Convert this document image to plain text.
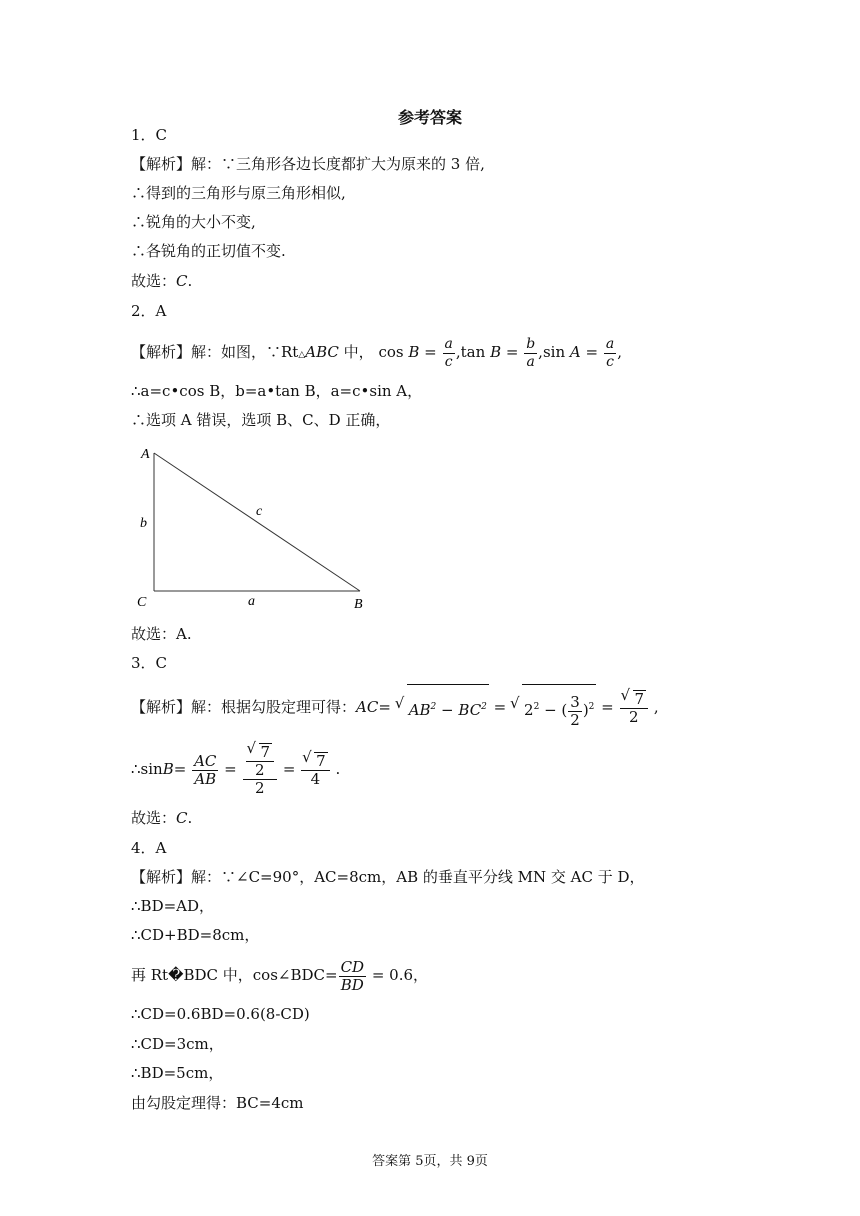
参考答案
1．C
【解析】解：∵三角形各边长度都扩大为原来的 3 倍,
∴得到的三角形与原三角形相似,
∴锐角的大小不变,
∴各锐角的正切值不变.
故选：C.
2．A
【解析】解：如图，∵Rt△ABC 中， $\cos B = \frac{a}{c} ,\tan$ $B = \frac{b}{a} ,\sin$ $A = \frac{a}{c}$ ,
∴a=c•cos B，b=a•tan B，a=c•sin A，
∴选项 A 错误，选项 B、C、D 正确，
A
b
c
C	a	B
故选：A.
3．C
【解析】解：根据勾股定理可得：AC= √ $AB^2 - BC^2$ = √ $2^2$ − ( $\frac{3}{2} )^2$ = √ $\frac{7}{2}$ ,
∴sinB= $\frac{AC}{AB}$ = √ $\frac{\frac{7}{2}}{2}$ = √ $\frac{7}{4}$ .
故选：C.
4．A
【解析】解：∵∠C=90°，AC=8cm，AB 的垂直平分线 MN 交 AC 于 D，
∴BD=AD，
∴CD+BD=8cm，
再 Rt�BDC 中，cos∠BDC= $\frac{CD}{BD} = 0.6$，
∴CD=0.6BD=0.6(8-CD)
∴CD=3cm，
∴BD=5cm，
由勾股定理得：BC=4cm
答案第 5页，共 9页
